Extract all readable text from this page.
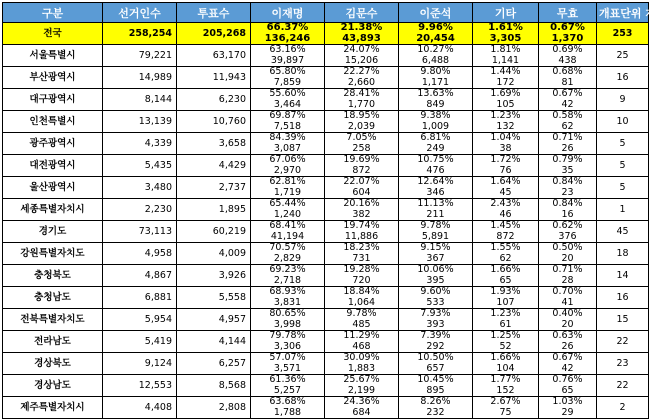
구분	선거인수	투표수	이재명	김문수	이준석	기타	무효	개표단위 개수
전국	258,254	205,268	66.37%	21.38%	9.96%	1.61%	0.67%	253
			136,246	43,893	20,454	3,305	1,370	
서울특별시	79,221	63,170	63.16%	24.07%	10.27%	1.81%	0.69%	25
			39,897	15,206	6,488	1,141	438	
부산광역시	14,989	11,943	65.80%	22.27%	9.80%	1.44%	0.68%	16
			7,859	2,660	1,171	172	81	
대구광역시	8,144	6,230	55.60%	28.41%	13.63%	1.69%	0.67%	9
			3,464	1,770	849	105	42	
인천특별시	13,139	10,760	69.87%	18.95%	9.38%	1.23%	0.58%	10
			7,518	2,039	1,009	132	62	
광주광역시	4,339	3,658	84.39%	7.05%	6.81%	1.04%	0.71%	5
			3,087	258	249	38	26	
대전광역시	5,435	4,429	67.06%	19.69%	10.75%	1.72%	0.79%	5
			2,970	872	476	76	35	
울산광역시	3,480	2,737	62.81%	22.07%	12.64%	1.64%	0.84%	5
			1,719	604	346	45	23	
세종특별자치시	2,230	1,895	65.44%	20.16%	11.13%	2.43%	0.84%	1
			1,240	382	211	46	16	
경기도	73,113	60,219	68.41%	19.74%	9.78%	1.45%	0.62%	45
			41,194	11,886	5,891	872	376	
강원특별자치도	4,958	4,009	70.57%	18.23%	9.15%	1.55%	0.50%	18
			2,829	731	367	62	20	
충청북도	4,867	3,926	69.23%	19.28%	10.06%	1.66%	0.71%	14
			2,718	720	395	65	28	
충청남도	6,881	5,558	68.93%	18.84%	9.60%	1.93%	0.70%	16
			3,831	1,064	533	107	41	
전북특별자치도	5,954	4,957	80.65%	9.78%	7.93%	1.23%	0.40%	15
			3,998	485	393	61	20	
전라남도	5,419	4,144	79.78%	11.29%	7.39%	1.25%	0.63%	22
			3,306	468	292	52	26	
경상북도	9,124	6,257	57.07%	30.09%	10.50%	1.66%	0.67%	23
			3,571	1,883	657	104	42	
경상남도	12,553	8,568	61.36%	25.67%	10.45%	1.77%	0.76%	22
			5,257	2,199	895	152	65	
제주특별자치시	4,408	2,808	63.68%	24.36%	8.26%	2.67%	1.03%	2
			1,788	684	232	75	29	
